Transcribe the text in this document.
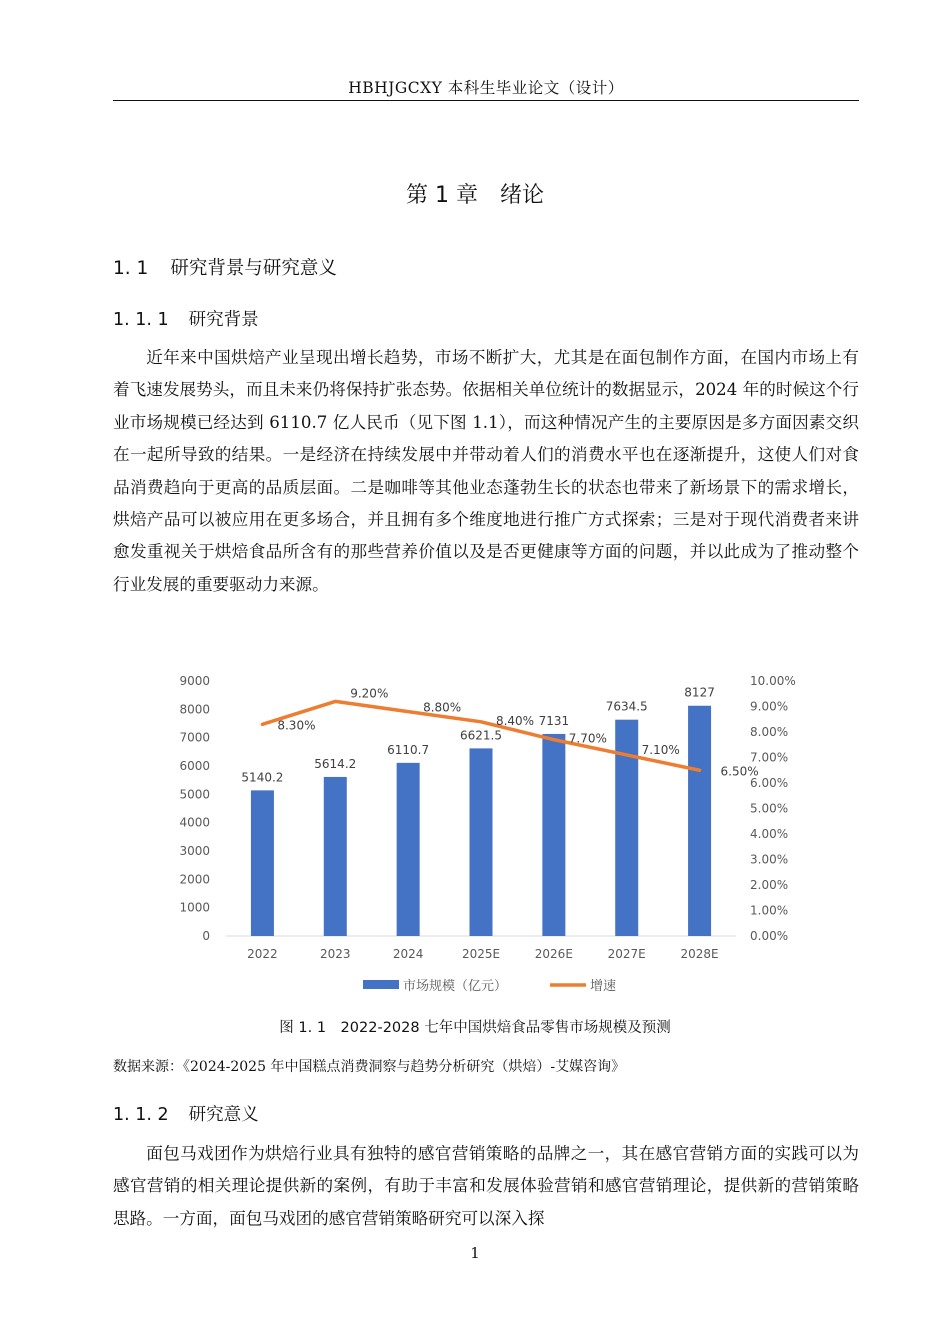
HBHJGCXY 本科生毕业论文（设计）
第 1 章　绪论
1. 1 研究背景与研究意义
1. 1. 1 研究背景

近年来中国烘焙产业呈现出增长趋势，市场不断扩大，尤其是在面包制作方面，在国内市场上有着飞速发展势头，而且未来仍将保持扩张态势。依据相关单位统计的数据显示，2024 年的时候这个行业市场规模已经达到 6110.7 亿人民币（见下图 1.1），而这种情况产生的主要原因是多方面因素交织在一起所导致的结果。一是经济在持续发展中并带动着人们的消费水平也在逐渐提升，这使人们对食品消费趋向于更高的品质层面。二是咖啡等其他业态蓬勃生长的状态也带来了新场景下的需求增长，烘焙产品可以被应用在更多场合，并且拥有多个维度地进行推广方式探索；三是对于现代消费者来讲愈发重视关于烘焙食品所含有的那些营养价值以及是否更健康等方面的问题，并以此成为了推动整个行业发展的重要驱动力来源。

0
1000
2000
3000
4000
5000
6000
7000
8000
9000
0.00%
1.00%
2.00%
3.00%
4.00%
5.00%
6.00%
7.00%
8.00%
9.00%
10.00%
5140.2
2022
5614.2
2023
6110.7
2024
6621.5
2025E
7131
2026E
7634.5
2027E
8127
2028E
8.30%
9.20%
8.80%
8.40%
7.70%
7.10%
6.50%
市场规模（亿元）	增速
图 1. 1　2022-2028 七年中国烘焙食品零售市场规模及预测
数据来源：《2024-2025 年中国糕点消费洞察与趋势分析研究（烘焙）-艾媒咨询》
1. 1. 2 研究意义

面包马戏团作为烘焙行业具有独特的感官营销策略的品牌之一，其在感官营销方面的实践可以为感官营销的相关理论提供新的案例，有助于丰富和发展体验营销和感官营销理论，提供新的营销策略思路。一方面，面包马戏团的感官营销策略研究可以深入探

1
